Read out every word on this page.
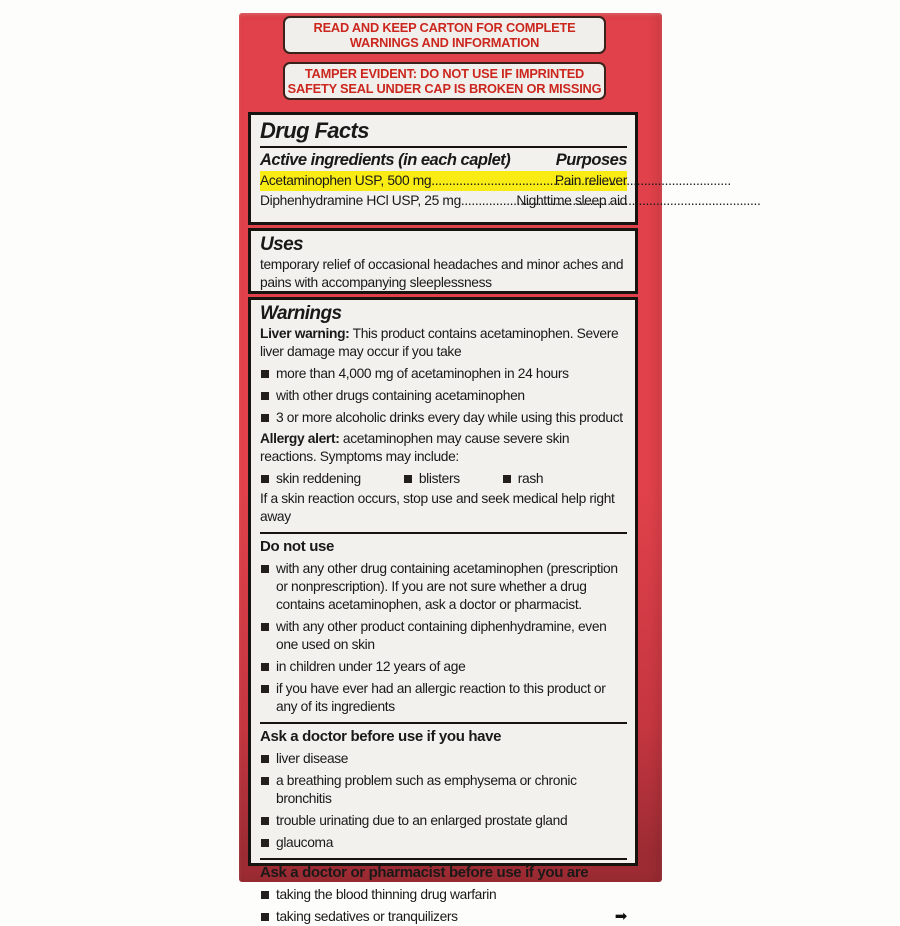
READ AND KEEP CARTON FOR COMPLETE
WARNINGS AND INFORMATION
TAMPER EVIDENT: DO NOT USE IF IMPRINTED
SAFETY SEAL UNDER CAP IS BROKEN OR MISSING
Drug Facts
Active ingredients (in each caplet)	Purposes
Acetaminophen USP, 500 mg .....	Pain reliever
Diphenhydramine HCl USP, 25 mg .....	Nighttime sleep aid
Uses
temporary relief of occasional headaches and minor aches and pains with accompanying sleeplessness
Warnings
Liver warning: This product contains acetaminophen. Severe liver damage may occur if you take
more than 4,000 mg of acetaminophen in 24 hours
with other drugs containing acetaminophen
3 or more alcoholic drinks every day while using this product
Allergy alert: acetaminophen may cause severe skin reactions. Symptoms may include:
skin reddening	blisters	rash
If a skin reaction occurs, stop use and seek medical help right away
Do not use
with any other drug containing acetaminophen (prescription or nonprescription). If you are not sure whether a drug contains acetaminophen, ask a doctor or pharmacist.
with any other product containing diphenhydramine, even one used on skin
in children under 12 years of age
if you have ever had an allergic reaction to this product or any of its ingredients
Ask a doctor before use if you have
liver disease
a breathing problem such as emphysema or chronic bronchitis
trouble urinating due to an enlarged prostate gland
glaucoma
Ask a doctor or pharmacist before use if you are
taking the blood thinning drug warfarin
taking sedatives or tranquilizers	➡
